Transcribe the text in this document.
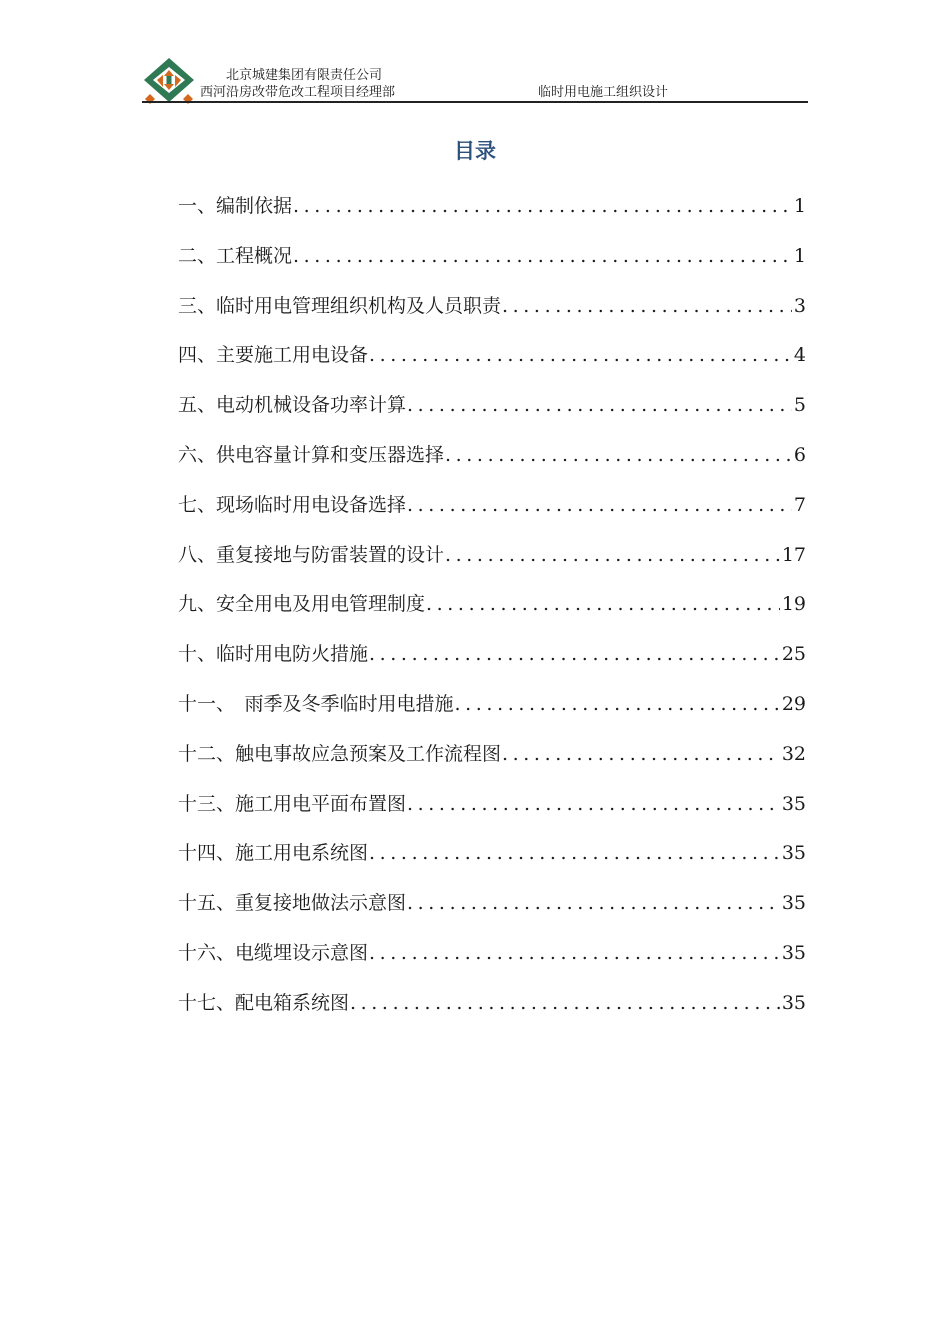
北京城建集团有限责任公司
西河沿房改带危改工程项目经理部	临时用电施工组织设计
目录
一、编制依据 .....	1
二、工程概况 .....	1
三、临时用电管理组织机构及人员职责 .....	3
四、主要施工用电设备 .....	4
五、电动机械设备功率计算 .....	5
六、供电容量计算和变压器选择 .....	6
七、现场临时用电设备选择 .....	7
八、重复接地与防雷装置的设计 .....	17
九、安全用电及用电管理制度 .....	19
十、临时用电防火措施 .....	25
十一、　雨季及冬季临时用电措施 .....	29
十二、触电事故应急预案及工作流程图 .....	32
十三、施工用电平面布置图 .....	35
十四、施工用电系统图 .....	35
十五、重复接地做法示意图 .....	35
十六、电缆埋设示意图 .....	35
十七、配电箱系统图 .....	35
